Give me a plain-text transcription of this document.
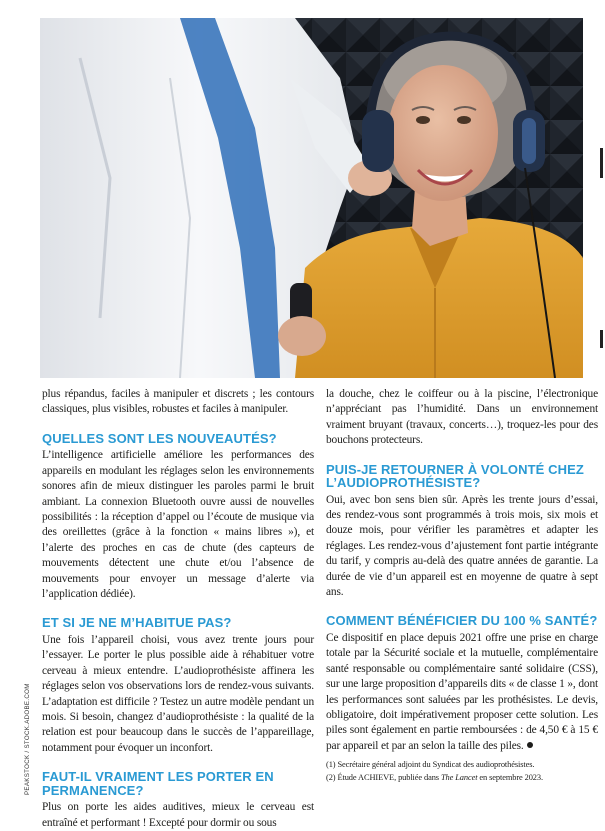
plus répandus, faciles à manipuler et discrets ; les contours classiques, plus visibles, robustes et faciles à manipuler.

QUELLES SONT LES NOUVEAUTÉS?

L’intelligence artificielle améliore les performances des appareils en modulant les réglages selon les environnements sonores afin de mieux distinguer les paroles parmi le bruit ambiant. La connexion Bluetooth ouvre aussi de nouvelles possibilités : la réception d’appel ou l’écoute de musique via des oreillettes (grâce à la fonction « mains libres »), et l’alerte des proches en cas de chute (des capteurs de mouvements détectent une chute et/ou l’absence de mouvements pour envoyer un message d’alerte via l’application dédiée).

ET SI JE NE M’HABITUE PAS?

Une fois l’appareil choisi, vous avez trente jours pour l’essayer. Le porter le plus possible aide à réhabituer votre cerveau à mieux entendre. L’audioprothésiste affinera les réglages selon vos observations lors de rendez-vous suivants. L’adaptation est difficile ? Testez un autre modèle pendant un mois. Si besoin, changez d’audioprothésiste : la qualité de la relation est pour beaucoup dans le succès de l’appareillage, notamment pour évoquer un inconfort.

FAUT-IL VRAIMENT LES PORTER EN PERMANENCE?

Plus on porte les aides auditives, mieux le cerveau est entraîné et performant ! Excepté pour dormir ou sous

la douche, chez le coiffeur ou à la piscine, l’électronique n’appréciant pas l’humidité. Dans un environnement vraiment bruyant (travaux, concerts…), troquez-les pour des bouchons protecteurs.

PUIS-JE RETOURNER À VOLONTÉ CHEZ L’AUDIOPROTHÉSISTE?

Oui, avec bon sens bien sûr. Après les trente jours d’essai, des rendez-vous sont programmés à trois mois, six mois et douze mois, pour vérifier les paramètres et adapter les réglages. Les rendez-vous d’ajustement font partie intégrante du tarif, y compris au-delà des quatre années de garantie. La durée de vie d’un appareil est en moyenne de quatre à sept ans.

COMMENT BÉNÉFICIER DU 100 % SANTÉ?

Ce dispositif en place depuis 2021 offre une prise en charge totale par la Sécurité sociale et la mutuelle, complémentaire santé responsable ou complémentaire santé solidaire (CSS), sur une large proposition d’appareils dits « de classe 1 », dont les performances sont saluées par les prothésistes. Le devis, obligatoire, doit impérativement proposer cette solution. Les piles sont également en partie remboursées : de 4,50 € à 15 € par appareil et par an selon la taille des piles.

(1) Secrétaire général adjoint du Syndicat des audioprothésistes.
(2) Étude ACHIEVE, publiée dans The Lancet en septembre 2023.
PEAKSTOCK / STOCK.ADOBE.COM
